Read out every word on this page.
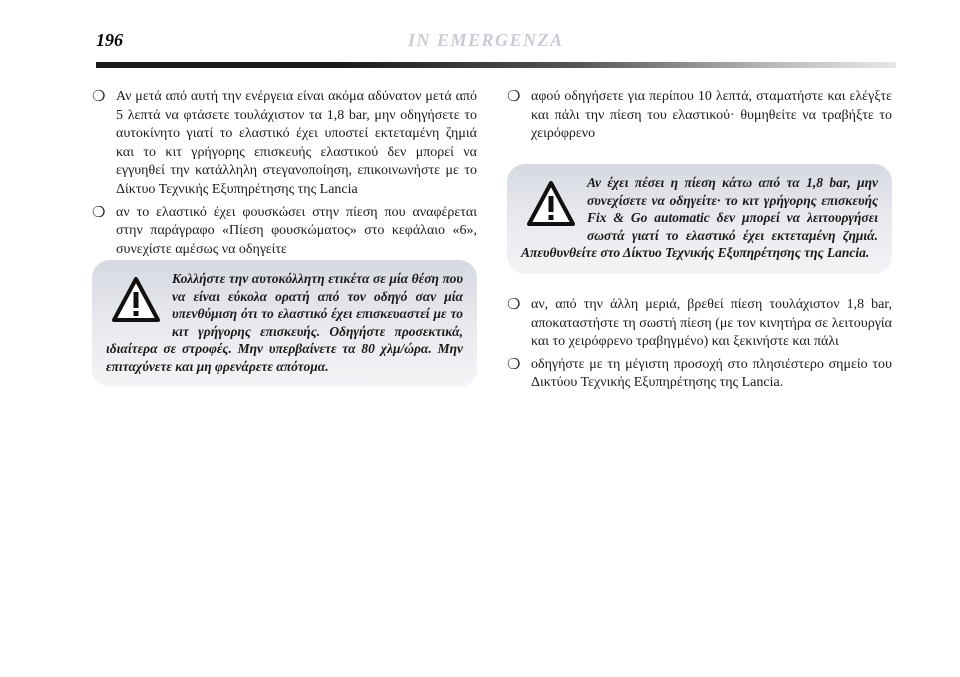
196	IN EMERGENZA
❍ Αν μετά από αυτή την ενέργεια είναι ακόμα αδύνατον μετά από 5 λεπτά να φτάσετε τουλάχιστον τα 1,8 bar, μην οδηγήσετε το αυτοκίνητο γιατί το ελαστικό έχει υποστεί εκτεταμένη ζημιά και το κιτ γρήγορης επισκευής ελαστικού δεν μπορεί να εγγυηθεί την κατάλληλη στεγανοποίηση, επικοινωνήστε με το Δίκτυο Τεχνικής Εξυπηρέτησης της Lancia
❍ αν το ελαστικό έχει φουσκώσει στην πίεση που αναφέρεται στην παράγραφο «Πίεση φουσκώματος» στο κεφάλαιο «6», συνεχίστε αμέσως να οδηγείτε
Κολλήστε την αυτοκόλλητη ετικέτα σε μία θέση που να είναι εύκολα ορατή από τον οδηγό σαν μία υπενθύμιση ότι το ελαστικό έχει επισκευαστεί με το κιτ γρήγορης επισκευής. Οδηγήστε προσεκτικά, ιδιαίτερα σε στροφές. Μην υπερβαίνετε τα 80 χλμ/ώρα. Μην επιταχύνετε και μη φρενάρετε απότομα.
❍ αφού οδηγήσετε για περίπου 10 λεπτά, σταματήστε και ελέγξτε και πάλι την πίεση του ελαστικού· θυμηθείτε να τραβήξτε το χειρόφρενο
Αν έχει πέσει η πίεση κάτω από τα 1,8 bar, μην συνεχίσετε να οδηγείτε· το κιτ γρήγορης επισκευής Fix & Go automatic δεν μπορεί να λειτουργήσει σωστά γιατί το ελαστικό έχει εκτεταμένη ζημιά. Απευθυνθείτε στο Δίκτυο Τεχνικής Εξυπηρέτησης της Lancia.
❍ αν, από την άλλη μεριά, βρεθεί πίεση τουλάχιστον 1,8 bar, αποκαταστήστε τη σωστή πίεση (με τον κινητήρα σε λειτουργία και το χειρόφρενο τραβηγμένο) και ξεκινήστε και πάλι
❍ οδηγήστε με τη μέγιστη προσοχή στο πλησιέστερο σημείο του Δικτύου Τεχνικής Εξυπηρέτησης της Lancia.
